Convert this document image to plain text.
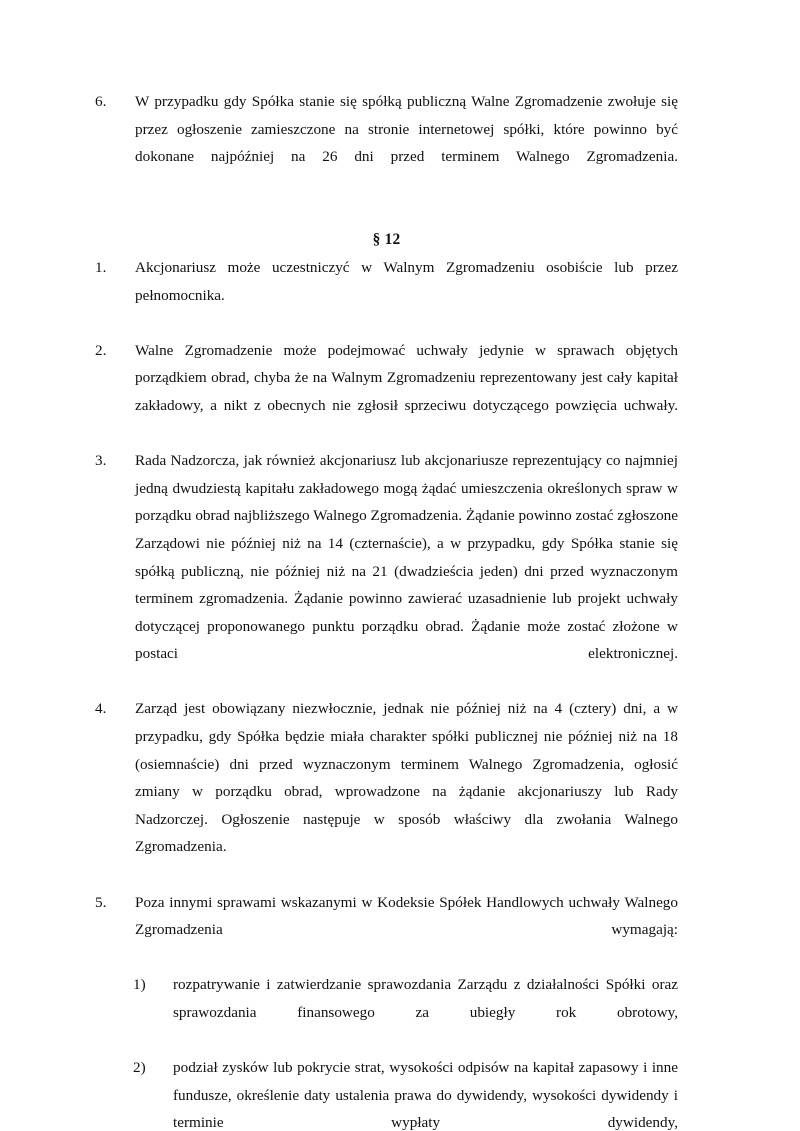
6.	W przypadku gdy Spółka stanie się spółką publiczną Walne Zgromadzenie zwołuje się przez ogłoszenie zamieszczone na stronie internetowej spółki, które powinno być dokonane najpóźniej na 26 dni przed terminem Walnego Zgromadzenia.
§ 12
1.	Akcjonariusz może uczestniczyć w Walnym Zgromadzeniu osobiście lub przez pełnomocnika.
2.	Walne Zgromadzenie może podejmować uchwały jedynie w sprawach objętych porządkiem obrad, chyba że na Walnym Zgromadzeniu reprezentowany jest cały kapitał zakładowy, a nikt z obecnych nie zgłosił sprzeciwu dotyczącego powzięcia uchwały.
3.	Rada Nadzorcza, jak również akcjonariusz lub akcjonariusze reprezentujący co najmniej jedną dwudziestą kapitału zakładowego mogą żądać umieszczenia określonych spraw w porządku obrad najbliższego Walnego Zgromadzenia. Żądanie powinno zostać zgłoszone Zarządowi nie później niż na 14 (czternaście), a w przypadku, gdy Spółka stanie się spółką publiczną, nie później niż na 21 (dwadzieścia jeden) dni przed wyznaczonym terminem zgromadzenia. Żądanie powinno zawierać uzasadnienie lub projekt uchwały dotyczącej proponowanego punktu porządku obrad. Żądanie może zostać złożone w postaci elektronicznej.
4.	Zarząd jest obowiązany niezwłocznie, jednak nie później niż na 4 (cztery) dni, a w przypadku, gdy Spółka będzie miała charakter spółki publicznej nie później niż na 18 (osiemnaście) dni przed wyznaczonym terminem Walnego Zgromadzenia, ogłosić zmiany w porządku obrad, wprowadzone na żądanie akcjonariuszy lub Rady Nadzorczej. Ogłoszenie następuje w sposób właściwy dla zwołania Walnego Zgromadzenia.
5.	Poza innymi sprawami wskazanymi w Kodeksie Spółek Handlowych uchwały Walnego Zgromadzenia wymagają:
1)	rozpatrywanie i zatwierdzanie sprawozdania Zarządu z działalności Spółki oraz sprawozdania finansowego za ubiegły rok obrotowy,
2)	podział zysków lub pokrycie strat, wysokości odpisów na kapitał zapasowy i inne fundusze, określenie daty ustalenia prawa do dywidendy, wysokości dywidendy i terminie wypłaty dywidendy,
